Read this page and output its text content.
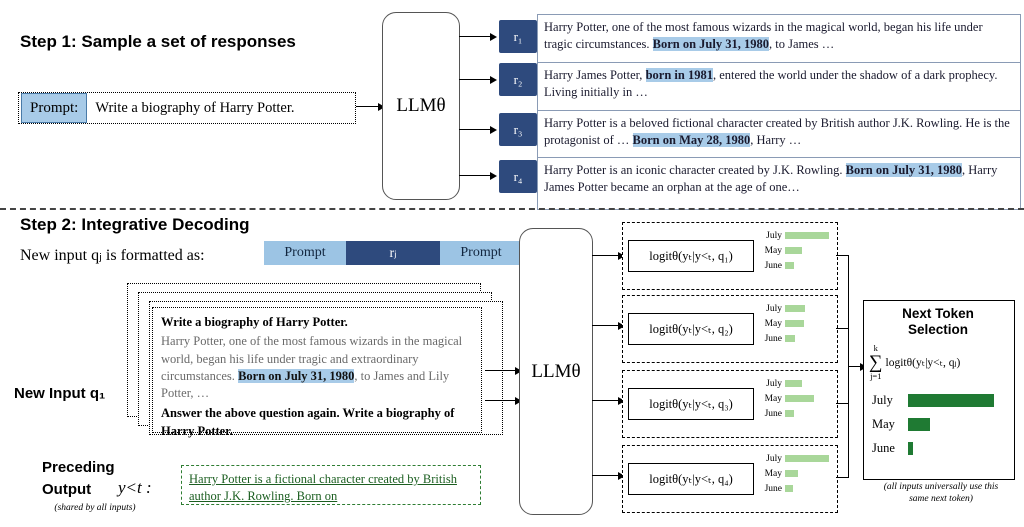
Step 1: Sample a set of responses
Prompt:	Write a biography of Harry Potter.	LLMθ
r₁
Harry Potter, one of the most famous wizards in the magical world, began his life under tragic circumstances. Born on July 31, 1980, to James …
r₂	Harry James Potter, born in 1981, entered the world under the shadow of a dark prophecy. Living initially in …
r₃	Harry Potter is a beloved fictional character created by British author J.K. Rowling. He is the protagonist of … Born on May 28, 1980, Harry …
r₄	Harry Potter is an iconic character created by J.K. Rowling. Born on July 31, 1980, Harry James Potter became an orphan at the age of one…
Step 2: Integrative Decoding
New input qⱼ is formatted as:	Prompt	rⱼ	Prompt
New Input q₁
Write a biography of Harry Potter.
Harry Potter, one of the most famous wizards in the magical world, began his life under tragic and extraordinary circumstances. Born on July 31, 1980, to James and Lily Potter, …
Answer the above question again. Write a biography of Harry Potter.
Preceding
Output y<t :
(shared by all inputs)
Harry Potter is a fictional character created by British author J.K. Rowling. Born on
LLMθ
logitθ(yₜ|y<ₜ, q₁)
July
May
June
logitθ(yₜ|y<ₜ, q₂)
July
May
June
logitθ(yₜ|y<ₜ, q₃)
July
May
June
logitθ(yₜ|y<ₜ, q₄)
July
May
June
Next Token
Selection
k
∑
j=1
logitθ(yₜ|y<ₜ, qⱼ)
July
May
June
(all inputs universally use this
same next token)
